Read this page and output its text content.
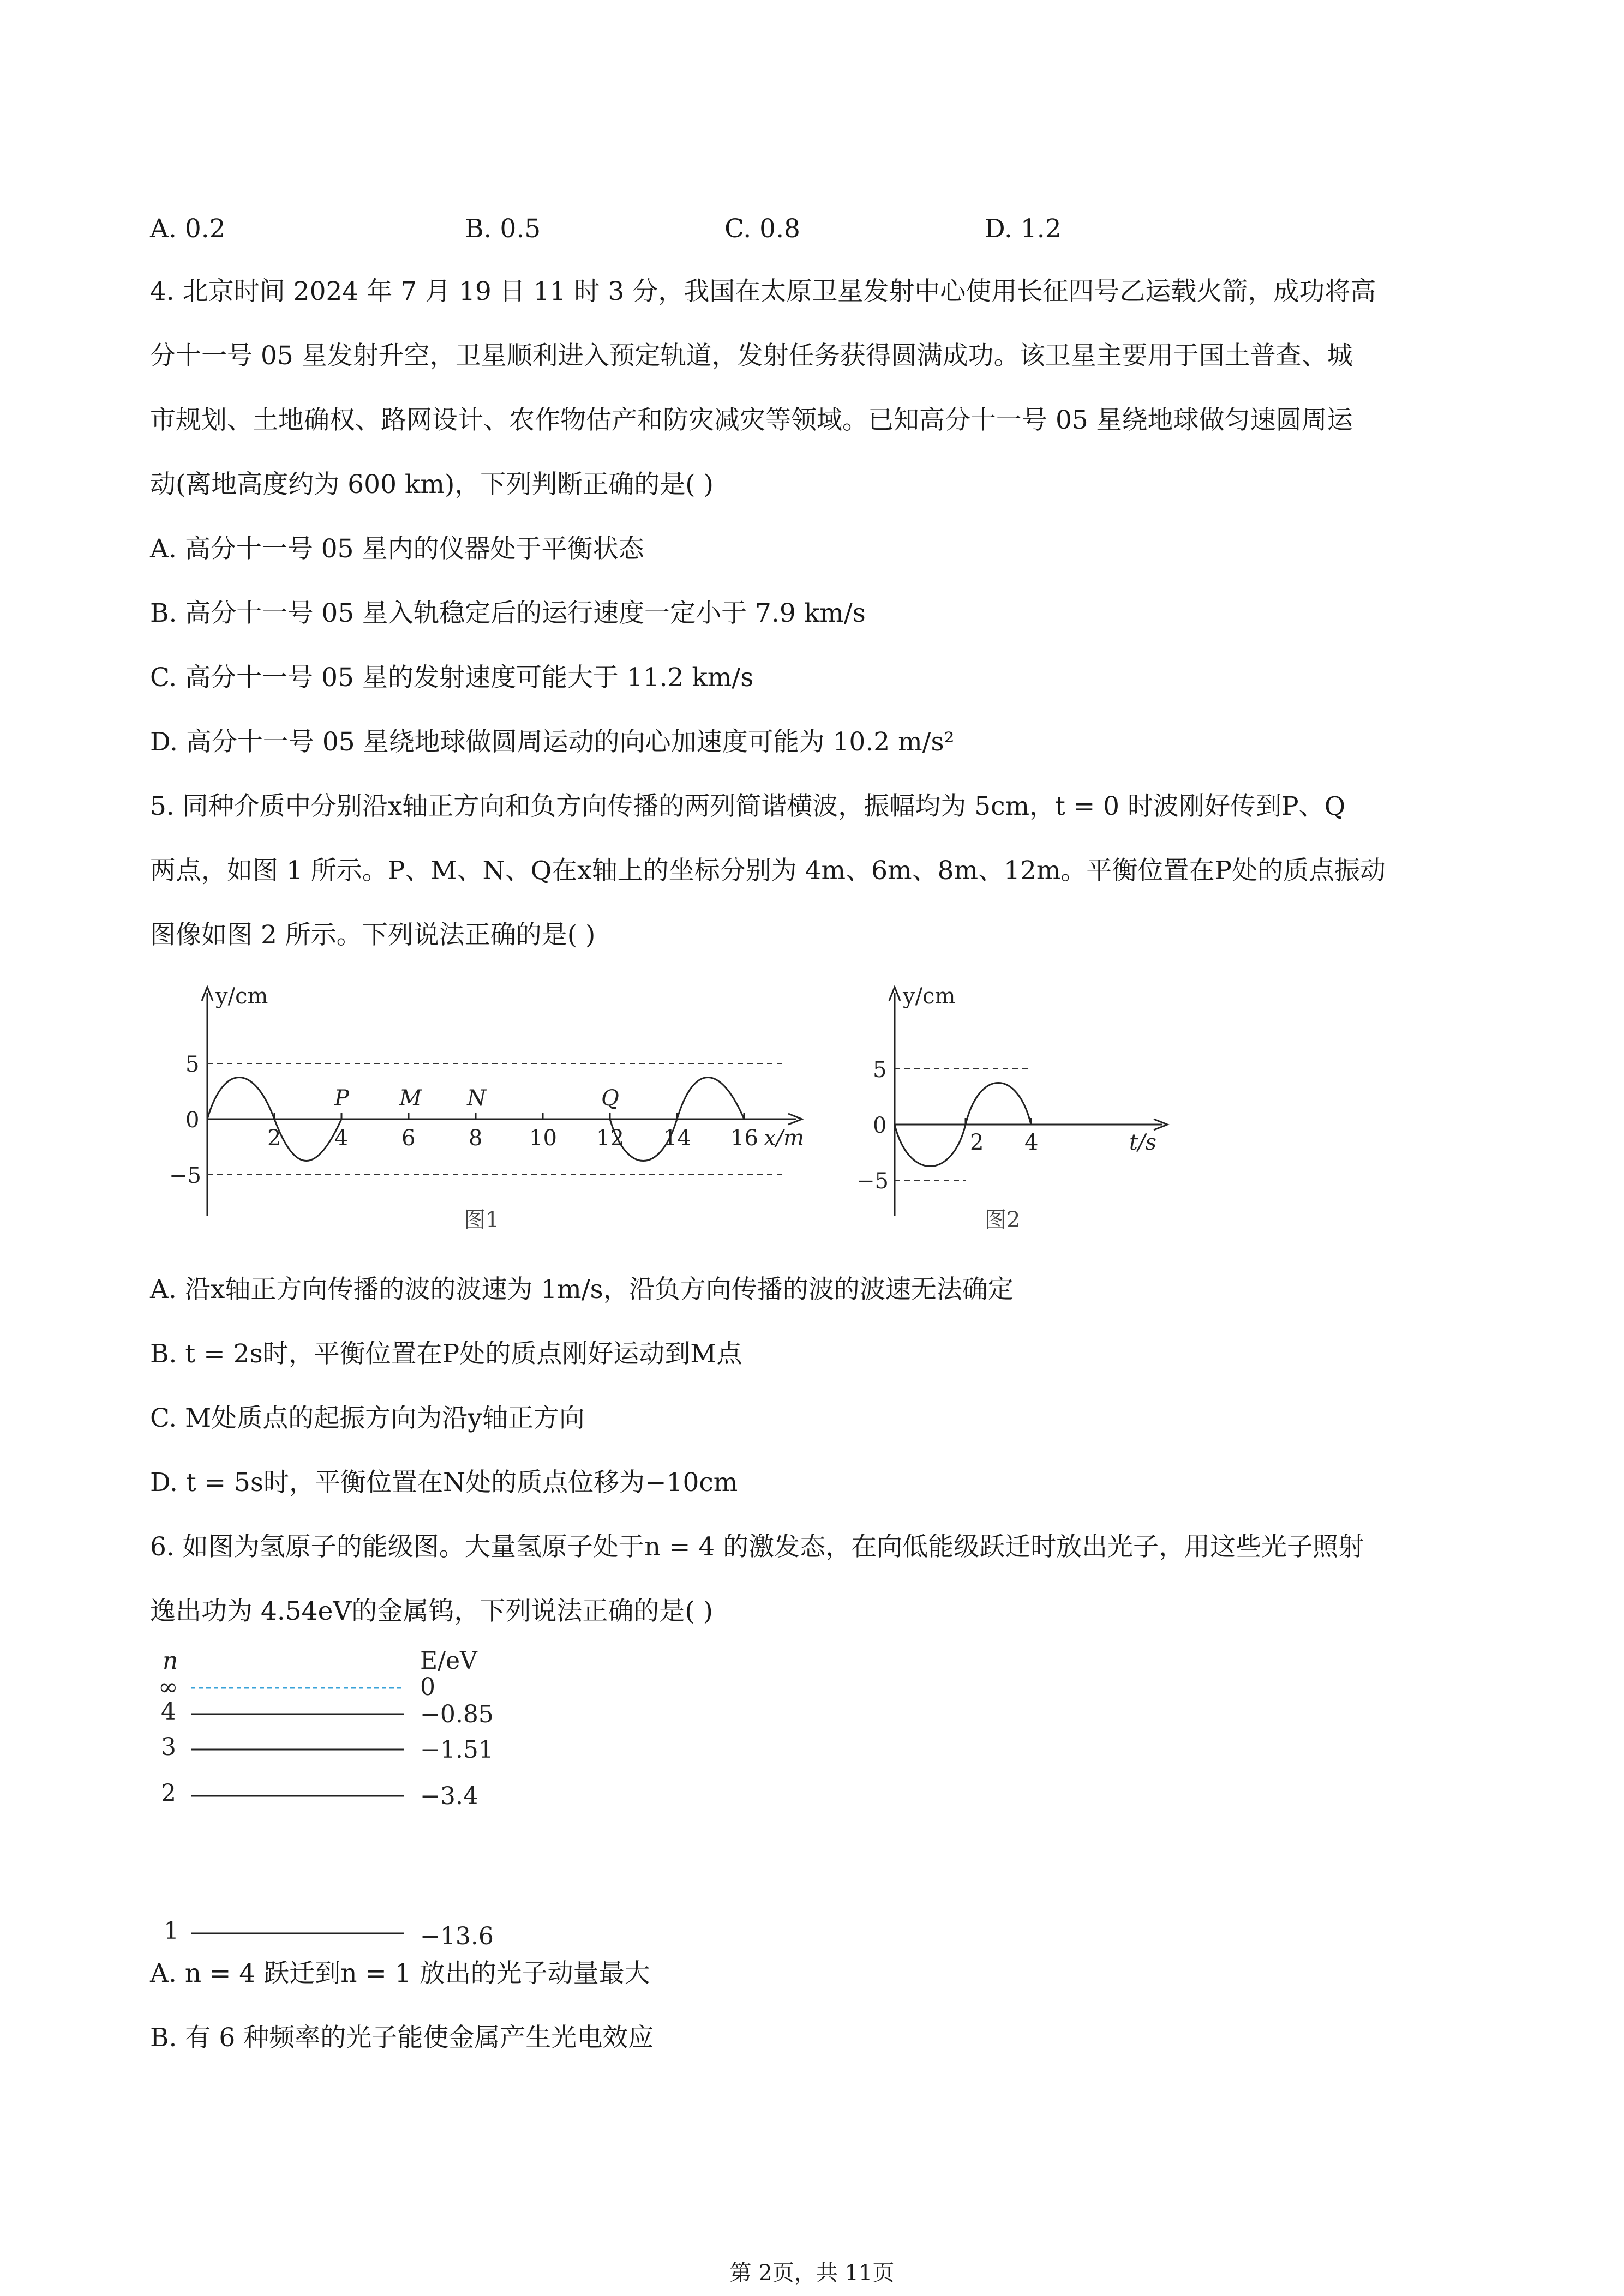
A. 0.2	B. 0.5	C. 0.8	D. 1.2
4. 北京时间 2024 年 7 月 19 日 11 时 3 分，我国在太原卫星发射中心使用长征四号乙运载火箭，成功将高
分十一号 05 星发射升空，卫星顺利进入预定轨道，发射任务获得圆满成功。该卫星主要用于国土普查、城
市规划、土地确权、路网设计、农作物估产和防灾减灾等领域。已知高分十一号 05 星绕地球做匀速圆周运
动(离地高度约为 600 km)，下列判断正确的是( )
A. 高分十一号 05 星内的仪器处于平衡状态
B. 高分十一号 05 星入轨稳定后的运行速度一定小于 7.9 km/s
C. 高分十一号 05 星的发射速度可能大于 11.2 km/s
D. 高分十一号 05 星绕地球做圆周运动的向心加速度可能为 10.2 m/s²
5. 同种介质中分别沿x轴正方向和负方向传播的两列简谐横波，振幅均为 5cm，t = 0 时波刚好传到P、Q
两点，如图 1 所示。P、M、N、Q在x轴上的坐标分别为 4m、6m、8m、12m。平衡位置在P处的质点振动
图像如图 2 所示。下列说法正确的是( )
y/cm
5
0
−5
2 4 6 8 10 12 14 16 x/m
P M N	Q
图1
y/cm
5
0
−5
2 4	t/s
图2
A. 沿x轴正方向传播的波的波速为 1m/s，沿负方向传播的波的波速无法确定
B. t = 2s时，平衡位置在P处的质点刚好运动到M点
C. M处质点的起振方向为沿y轴正方向
D. t = 5s时，平衡位置在N处的质点位移为−10cm
6. 如图为氢原子的能级图。大量氢原子处于n = 4 的激发态，在向低能级跃迁时放出光子，用这些光子照射
逸出功为 4.54eV的金属钨，下列说法正确的是( )
n	E/eV
∞	0
4	−0.85
3	−1.51
2	−3.4
1	−13.6
A. n = 4 跃迁到n = 1 放出的光子动量最大
B. 有 6 种频率的光子能使金属产生光电效应
第 2页，共 11页
